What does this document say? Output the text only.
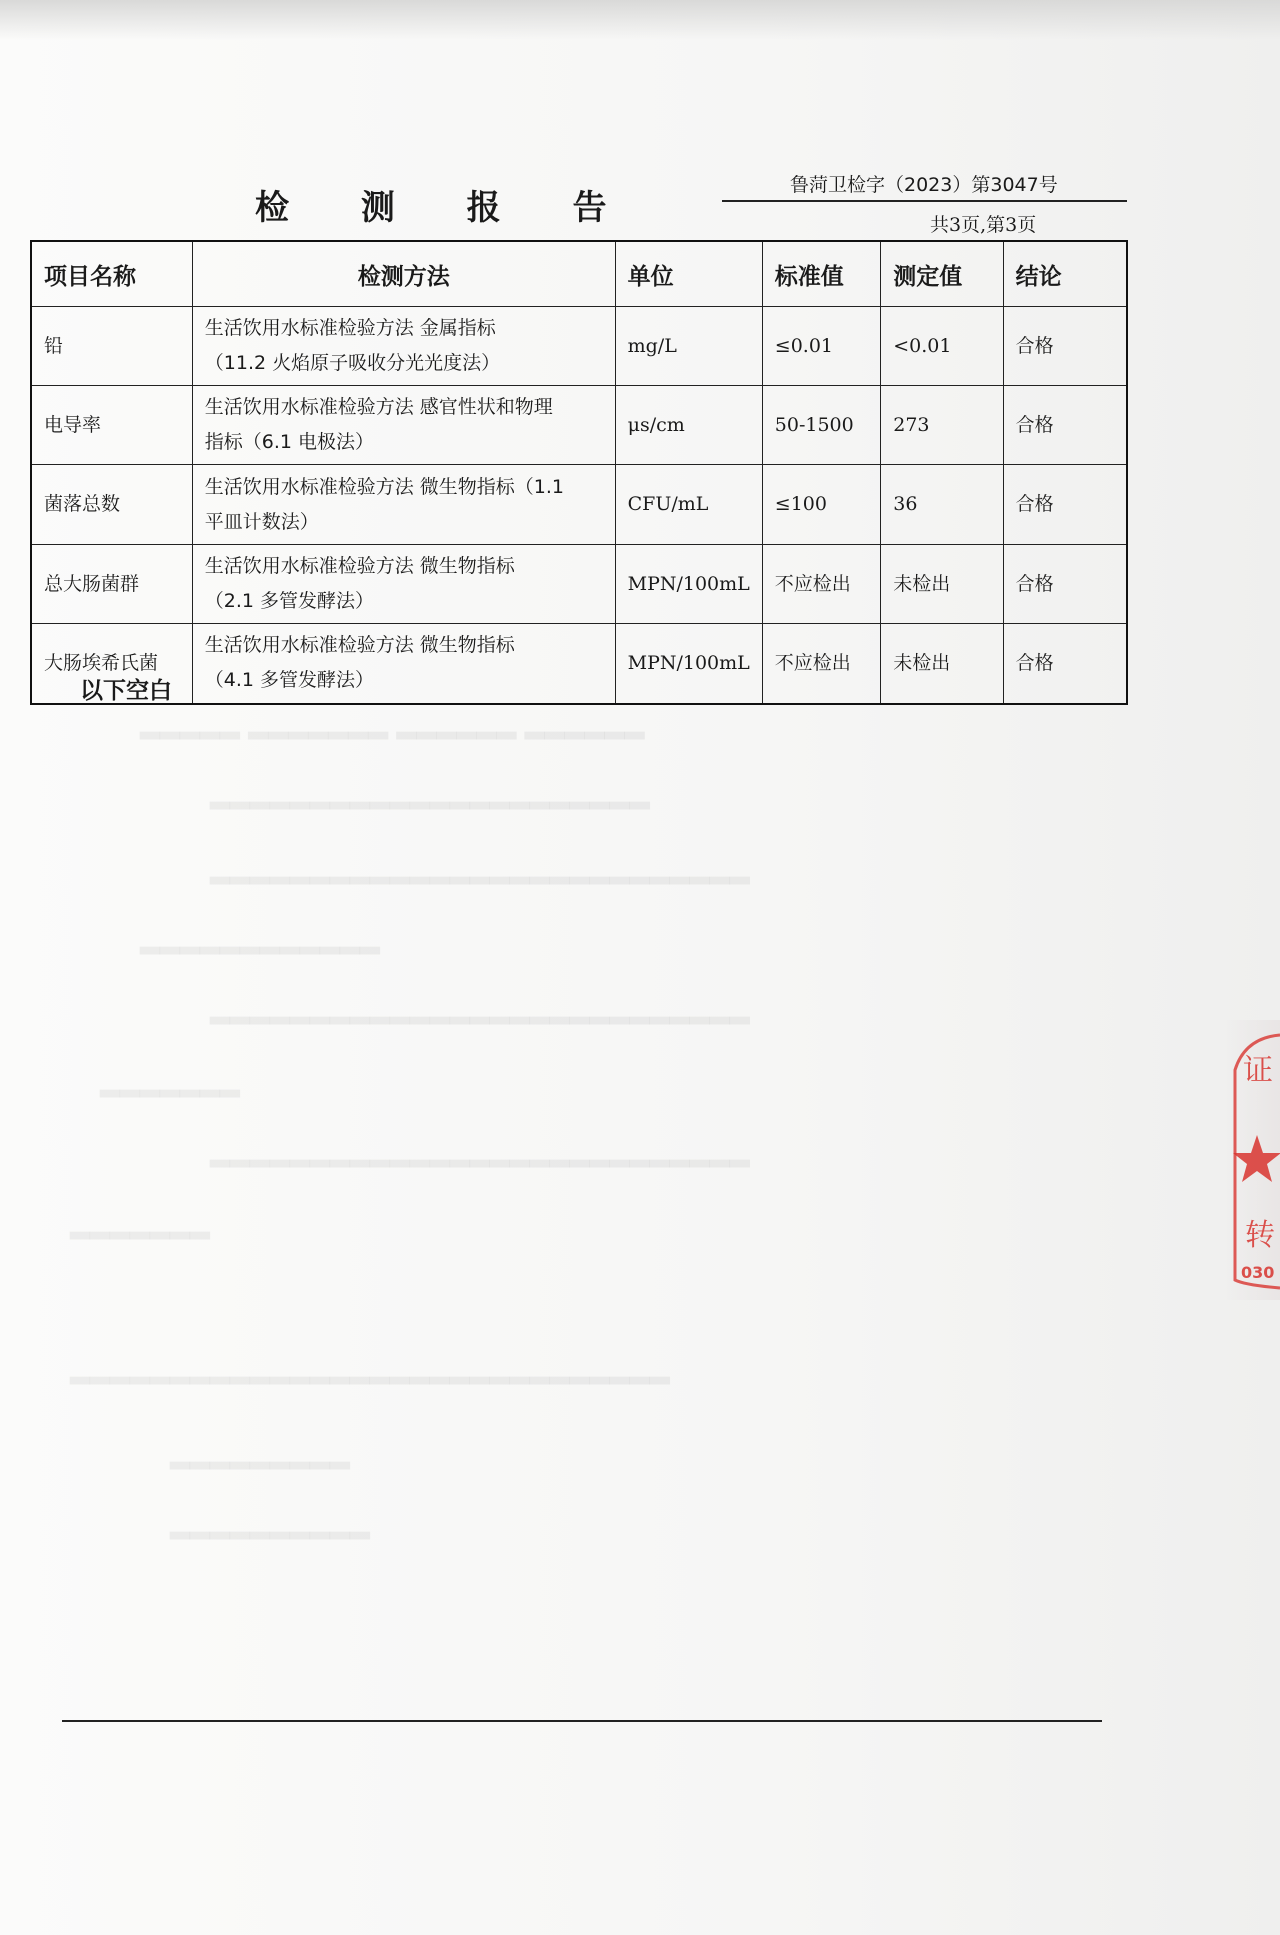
▂▂▂▂▂ ▂▂▂▂▂▂▂ ▂▂▂▂▂▂ ▂▂▂▂▂▂
▂▂▂▂▂▂▂▂▂▂▂▂▂▂▂▂▂▂▂▂▂▂
▂▂▂▂▂▂▂▂▂▂▂▂▂▂▂▂▂▂▂▂▂▂▂▂▂▂▂
▂▂▂▂▂▂▂▂▂▂▂▂
▂▂▂▂▂▂▂▂▂▂▂▂▂▂▂▂▂▂▂▂▂▂▂▂▂▂▂
▂▂▂▂▂▂▂
▂▂▂▂▂▂▂▂▂▂▂▂▂▂▂▂▂▂▂▂▂▂▂▂▂▂▂
▂▂▂▂▂▂▂
▂▂▂▂▂▂▂▂▂▂▂▂▂▂▂▂▂▂▂▂▂▂▂▂▂▂▂▂▂▂
▂▂▂▂▂▂▂▂▂
▂▂▂▂▂▂▂▂▂▂
检 测 报 告
鲁菏卫检字（2023）第3047号
共3页,第3页
项目名称	检测方法	单位	标准值	测定值	结论
铅	生活饮用水标准检验方法 金属指标
（11.2 火焰原子吸收分光光度法）	mg/L	≤0.01	<0.01	合格
电导率	生活饮用水标准检验方法 感官性状和物理
指标（6.1 电极法）	μs/cm	50-1500	273	合格
菌落总数	生活饮用水标准检验方法 微生物指标（1.1
平皿计数法）	CFU/mL	≤100	36	合格
总大肠菌群	生活饮用水标准检验方法 微生物指标
（2.1 多管发酵法）	MPN/100mL	不应检出	未检出	合格
大肠埃希氏菌	生活饮用水标准检验方法 微生物指标
（4.1 多管发酵法）	MPN/100mL	不应检出	未检出	合格
以下空白
证
转
030
